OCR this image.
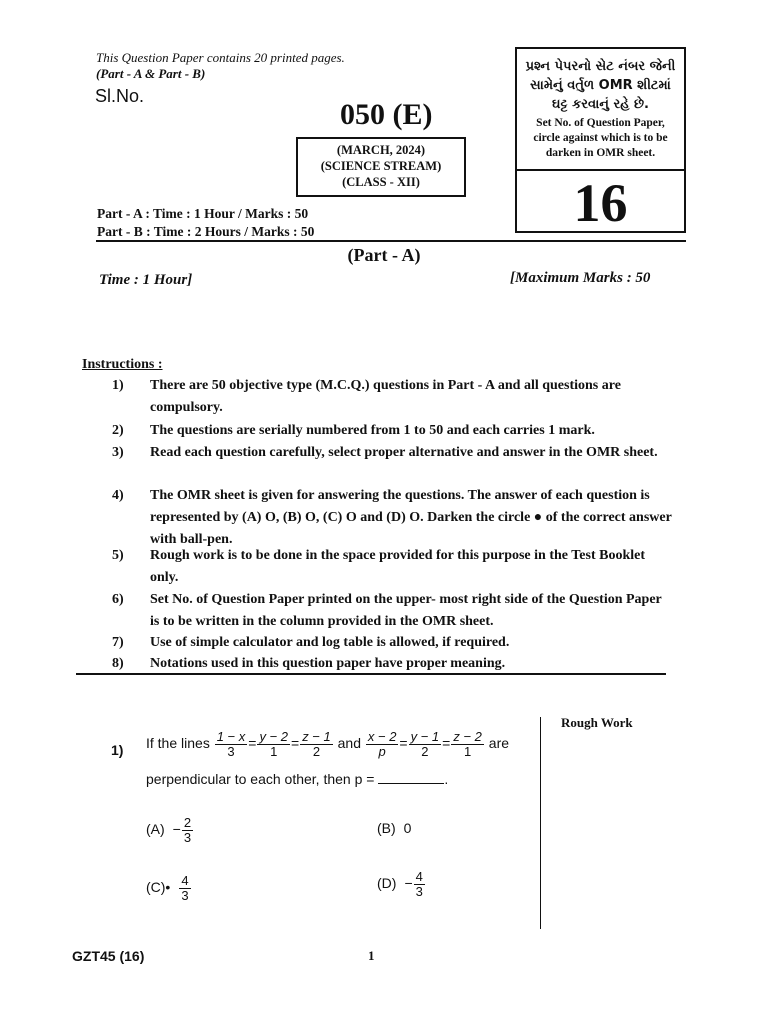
This Question Paper contains 20 printed pages.
(Part - A & Part - B)
Sl.No.
050 (E)
(MARCH, 2024)
(SCIENCE STREAM)
(CLASS - XII)
પ્રશ્ન પેપરનો સેટ નંબર જેની
સામેનું વર્તુળ OMR શીટમાં
ઘટ્ટ કરવાનું રહે છે.
Set No. of Question Paper,
circle against which is to be
darken in OMR sheet.
16
Part - A : Time : 1 Hour / Marks : 50
Part - B : Time : 2 Hours / Marks : 50
(Part - A)
Time : 1 Hour]	[Maximum Marks : 50
Instructions :
1)	There are 50 objective type (M.C.Q.) questions in Part - A and all questions are compulsory.
2)	The questions are serially numbered from 1 to 50 and each carries 1 mark.
3)	Read each question carefully, select proper alternative and answer in the OMR sheet.
4)	The OMR sheet is given for answering the questions. The answer of each question is represented by (A) O, (B) O, (C) O and (D) O. Darken the circle ● of the correct answer with ball-pen.
5)	Rough work is to be done in the space provided for this purpose in the Test Booklet only.
6)	Set No. of Question Paper printed on the upper- most right side of the Question Paper is to be written in the column provided in the OMR sheet.
7)	Use of simple calculator and log table is allowed, if required.
8)	Notations used in this question paper have proper meaning.
Rough Work
1) If the lines $\frac{1 - x}{3} = \frac{y - 2}{1} = \frac{z - 1}{2}$ and $\frac{x - 2}{p} = \frac{y - 1}{2} = \frac{z - 2}{1}$ are
perpendicular to each other, then p =	.
$(A) - \frac{2}{3}$	(B) 0
(C)• $\frac{4}{3}$	$(D) - \frac{4}{3}$
GZT45 (16)	1
